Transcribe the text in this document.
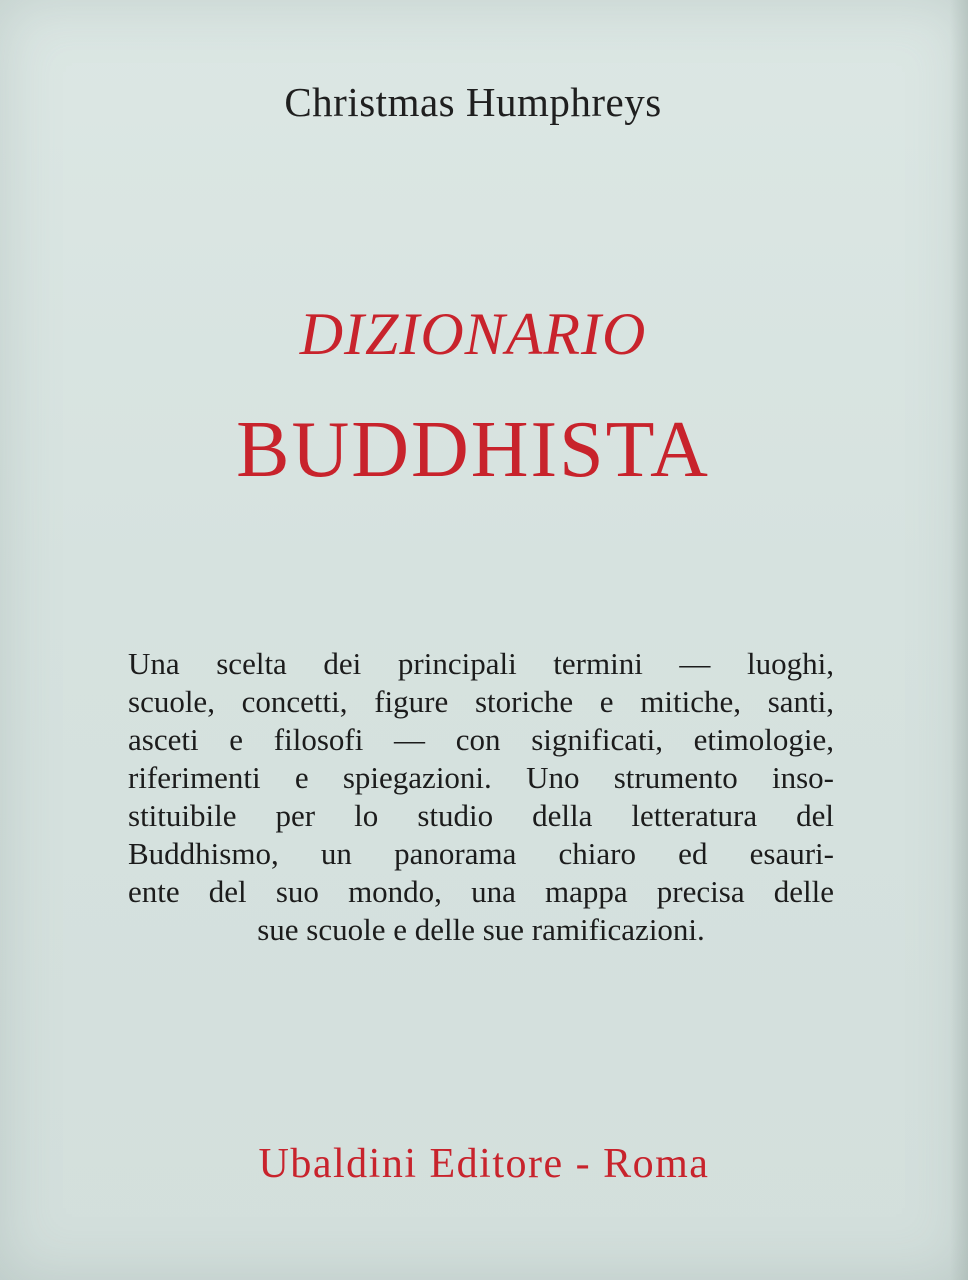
Christmas Humphreys
DIZIONARIO
BUDDHISTA
Una scelta dei principali termini — luoghi,
scuole, concetti, figure storiche e mitiche, santi,
asceti e filosofi — con significati, etimologie,
riferimenti e spiegazioni. Uno strumento inso-
stituibile per lo studio della letteratura del
Buddhismo, un panorama chiaro ed esauri-
ente del suo mondo, una mappa precisa delle
sue scuole e delle sue ramificazioni.
Ubaldini Editore - Roma
